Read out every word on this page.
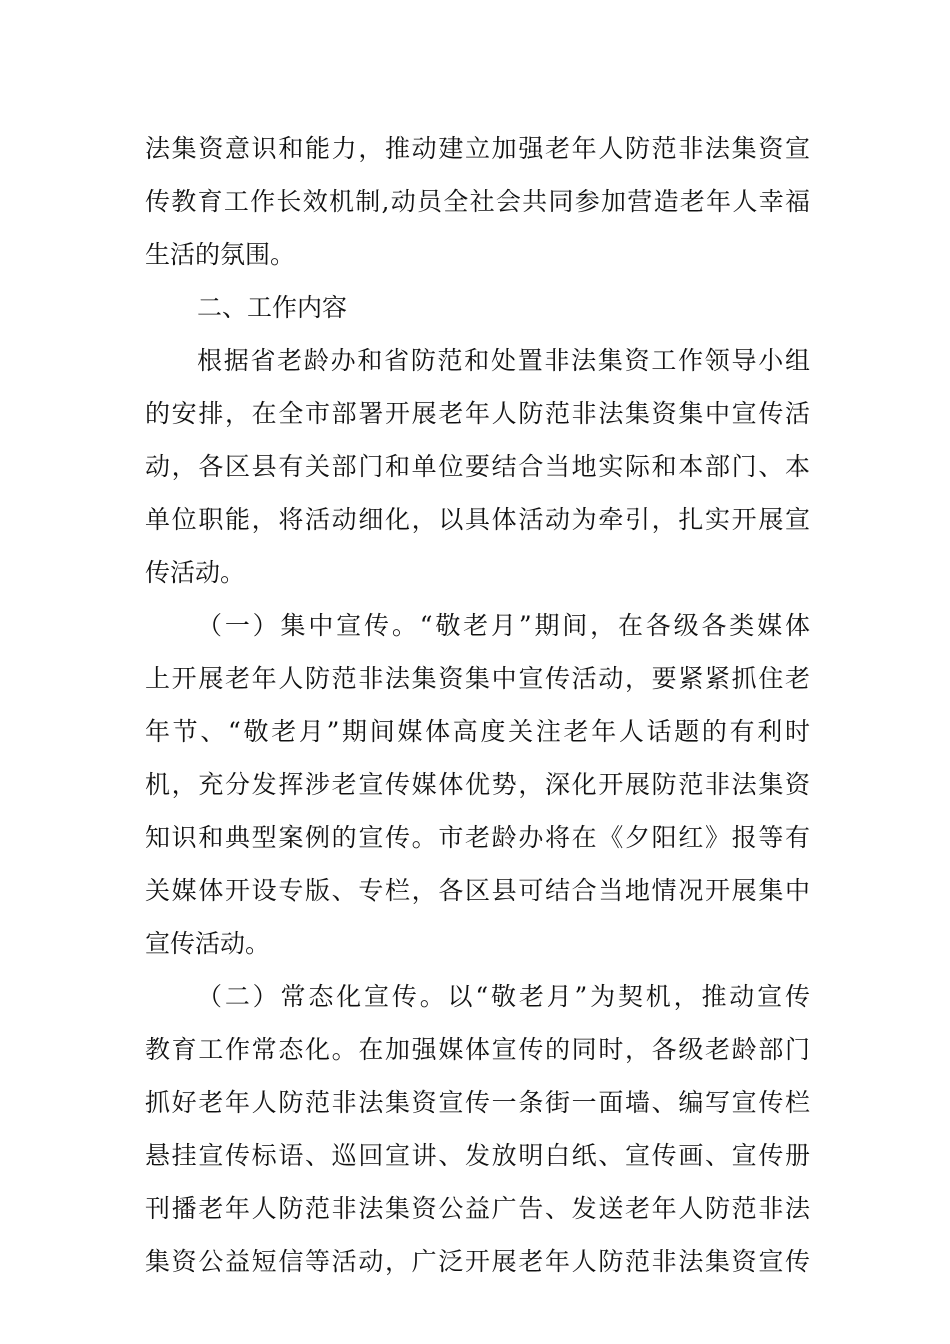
法集资意识和能力，推动建立加强老年人防范非法集资宣
传教育工作长效机制,动员全社会共同参加营造老年人幸福
生活的氛围。
二、工作内容
根据省老龄办和省防范和处置非法集资工作领导小组
的安排，在全市部署开展老年人防范非法集资集中宣传活
动，各区县有关部门和单位要结合当地实际和本部门、本
单位职能，将活动细化，以具体活动为牵引，扎实开展宣
传活动。
（一）集中宣传。“敬老月”期间，在各级各类媒体
上开展老年人防范非法集资集中宣传活动，要紧紧抓住老
年节、“敬老月”期间媒体高度关注老年人话题的有利时
机，充分发挥涉老宣传媒体优势，深化开展防范非法集资
知识和典型案例的宣传。市老龄办将在《夕阳红》报等有
关媒体开设专版、专栏，各区县可结合当地情况开展集中
宣传活动。
（二）常态化宣传。以“敬老月”为契机，推动宣传
教育工作常态化。在加强媒体宣传的同时，各级老龄部门
抓好老年人防范非法集资宣传一条街一面墙、编写宣传栏
悬挂宣传标语、巡回宣讲、发放明白纸、宣传画、宣传册
刊播老年人防范非法集资公益广告、发送老年人防范非法
集资公益短信等活动，广泛开展老年人防范非法集资宣传
